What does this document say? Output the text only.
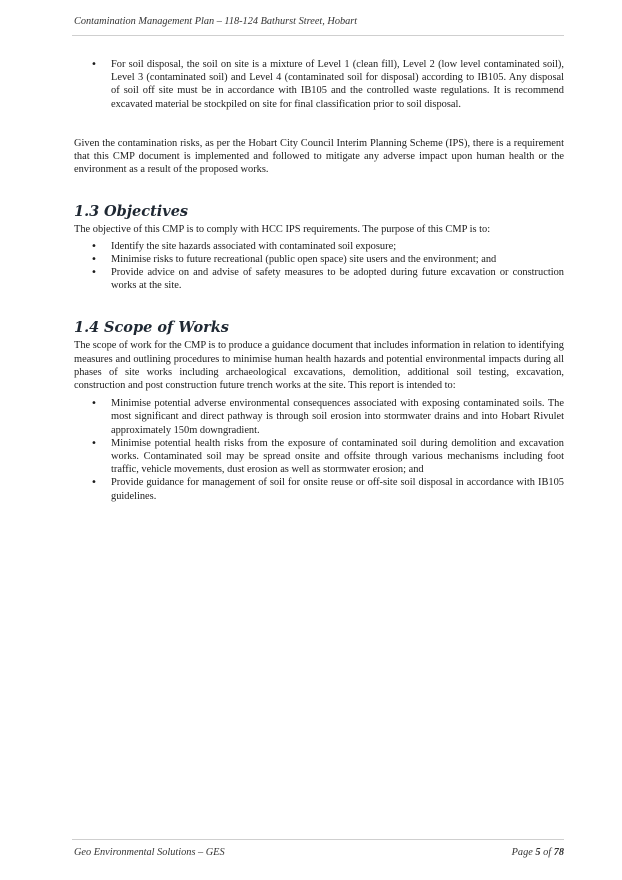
Contamination Management Plan – 118-124 Bathurst Street, Hobart
• For soil disposal, the soil on site is a mixture of Level 1 (clean fill), Level 2 (low level contaminated soil), Level 3 (contaminated soil) and Level 4 (contaminated soil for disposal) according to IB105. Any disposal of soil off site must be in accordance with IB105 and the controlled waste regulations. It is recommend excavated material be stockpiled on site for final classification prior to soil disposal.

Given the contamination risks, as per the Hobart City Council Interim Planning Scheme (IPS), there is a requirement that this CMP document is implemented and followed to mitigate any adverse impact upon human health or the environment as a result of the proposed works.

1.3 Objectives

The objective of this CMP is to comply with HCC IPS requirements. The purpose of this CMP is to:

• Identify the site hazards associated with contaminated soil exposure;
• Minimise risks to future recreational (public open space) site users and the environment; and
• Provide advice on and advise of safety measures to be adopted during future excavation or construction works at the site.
1.4 Scope of Works

The scope of work for the CMP is to produce a guidance document that includes information in relation to identifying measures and outlining procedures to minimise human health hazards and potential environmental impacts during all phases of site works including archaeological excavations, demolition, additional soil testing, excavation, construction and post construction future trench works at the site. This report is intended to:

• Minimise potential adverse environmental consequences associated with exposing contaminated soils. The most significant and direct pathway is through soil erosion into stormwater drains and into Hobart Rivulet approximately 150m downgradient.
• Minimise potential health risks from the exposure of contaminated soil during demolition and excavation works. Contaminated soil may be spread onsite and offsite through various mechanisms including foot traffic, vehicle movements, dust erosion as well as stormwater erosion; and
• Provide guidance for management of soil for onsite reuse or off-site soil disposal in accordance with IB105 guidelines.
Geo Environmental Solutions – GES	Page 5 of 78
